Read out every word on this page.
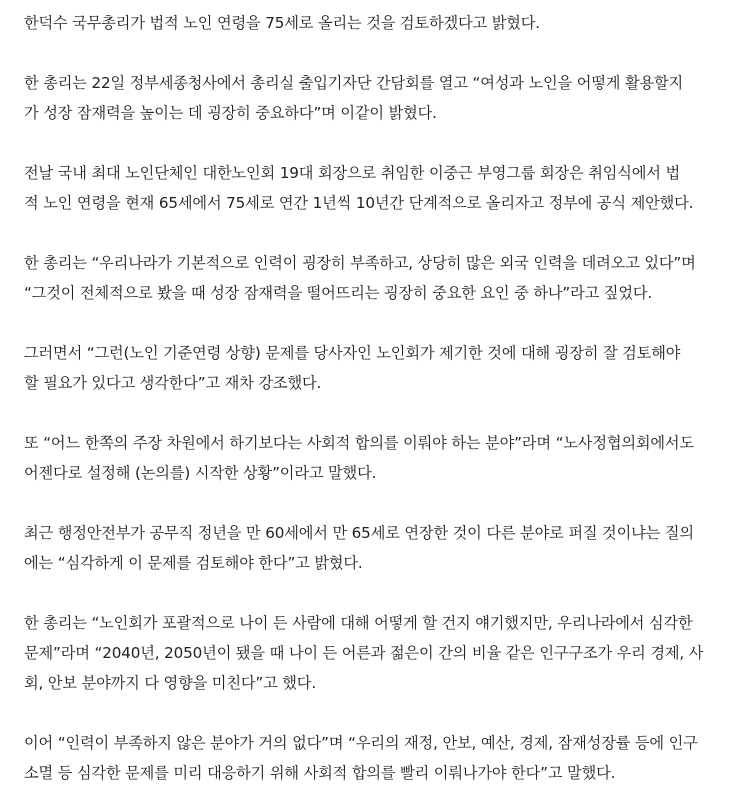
한덕수 국무총리가 법적 노인 연령을 75세로 올리는 것을 검토하겠다고 밝혔다.

한 총리는 22일 정부세종청사에서 총리실 출입기자단 간담회를 열고 “여성과 노인을 어떻게 활용할지
가 성장 잠재력을 높이는 데 굉장히 중요하다”며 이같이 밝혔다.

전날 국내 최대 노인단체인 대한노인회 19대 회장으로 취임한 이중근 부영그룹 회장은 취임식에서 법
적 노인 연령을 현재 65세에서 75세로 연간 1년씩 10년간 단계적으로 올리자고 정부에 공식 제안했다.

한 총리는 “우리나라가 기본적으로 인력이 굉장히 부족하고, 상당히 많은 외국 인력을 데려오고 있다”며
“그것이 전체적으로 봤을 때 성장 잠재력을 떨어뜨리는 굉장히 중요한 요인 중 하나”라고 짚었다.

그러면서 “그런(노인 기준연령 상향) 문제를 당사자인 노인회가 제기한 것에 대해 굉장히 잘 검토해야
할 필요가 있다고 생각한다”고 재차 강조했다.

또 “어느 한쪽의 주장 차원에서 하기보다는 사회적 합의를 이뤄야 하는 분야”라며 “노사정협의회에서도
어젠다로 설정해 (논의를) 시작한 상황”이라고 말했다.

최근 행정안전부가 공무직 정년을 만 60세에서 만 65세로 연장한 것이 다른 분야로 퍼질 것이냐는 질의
에는 “심각하게 이 문제를 검토해야 한다”고 밝혔다.

한 총리는 “노인회가 포괄적으로 나이 든 사람에 대해 어떻게 할 건지 얘기했지만, 우리나라에서 심각한
문제”라며 “2040년, 2050년이 됐을 때 나이 든 어른과 젊은이 간의 비율 같은 인구구조가 우리 경제, 사
회, 안보 분야까지 다 영향을 미친다”고 했다.

이어 “인력이 부족하지 않은 분야가 거의 없다”며 “우리의 재정, 안보, 예산, 경제, 잠재성장률 등에 인구
소멸 등 심각한 문제를 미리 대응하기 위해 사회적 합의를 빨리 이뤄나가야 한다”고 말했다.
